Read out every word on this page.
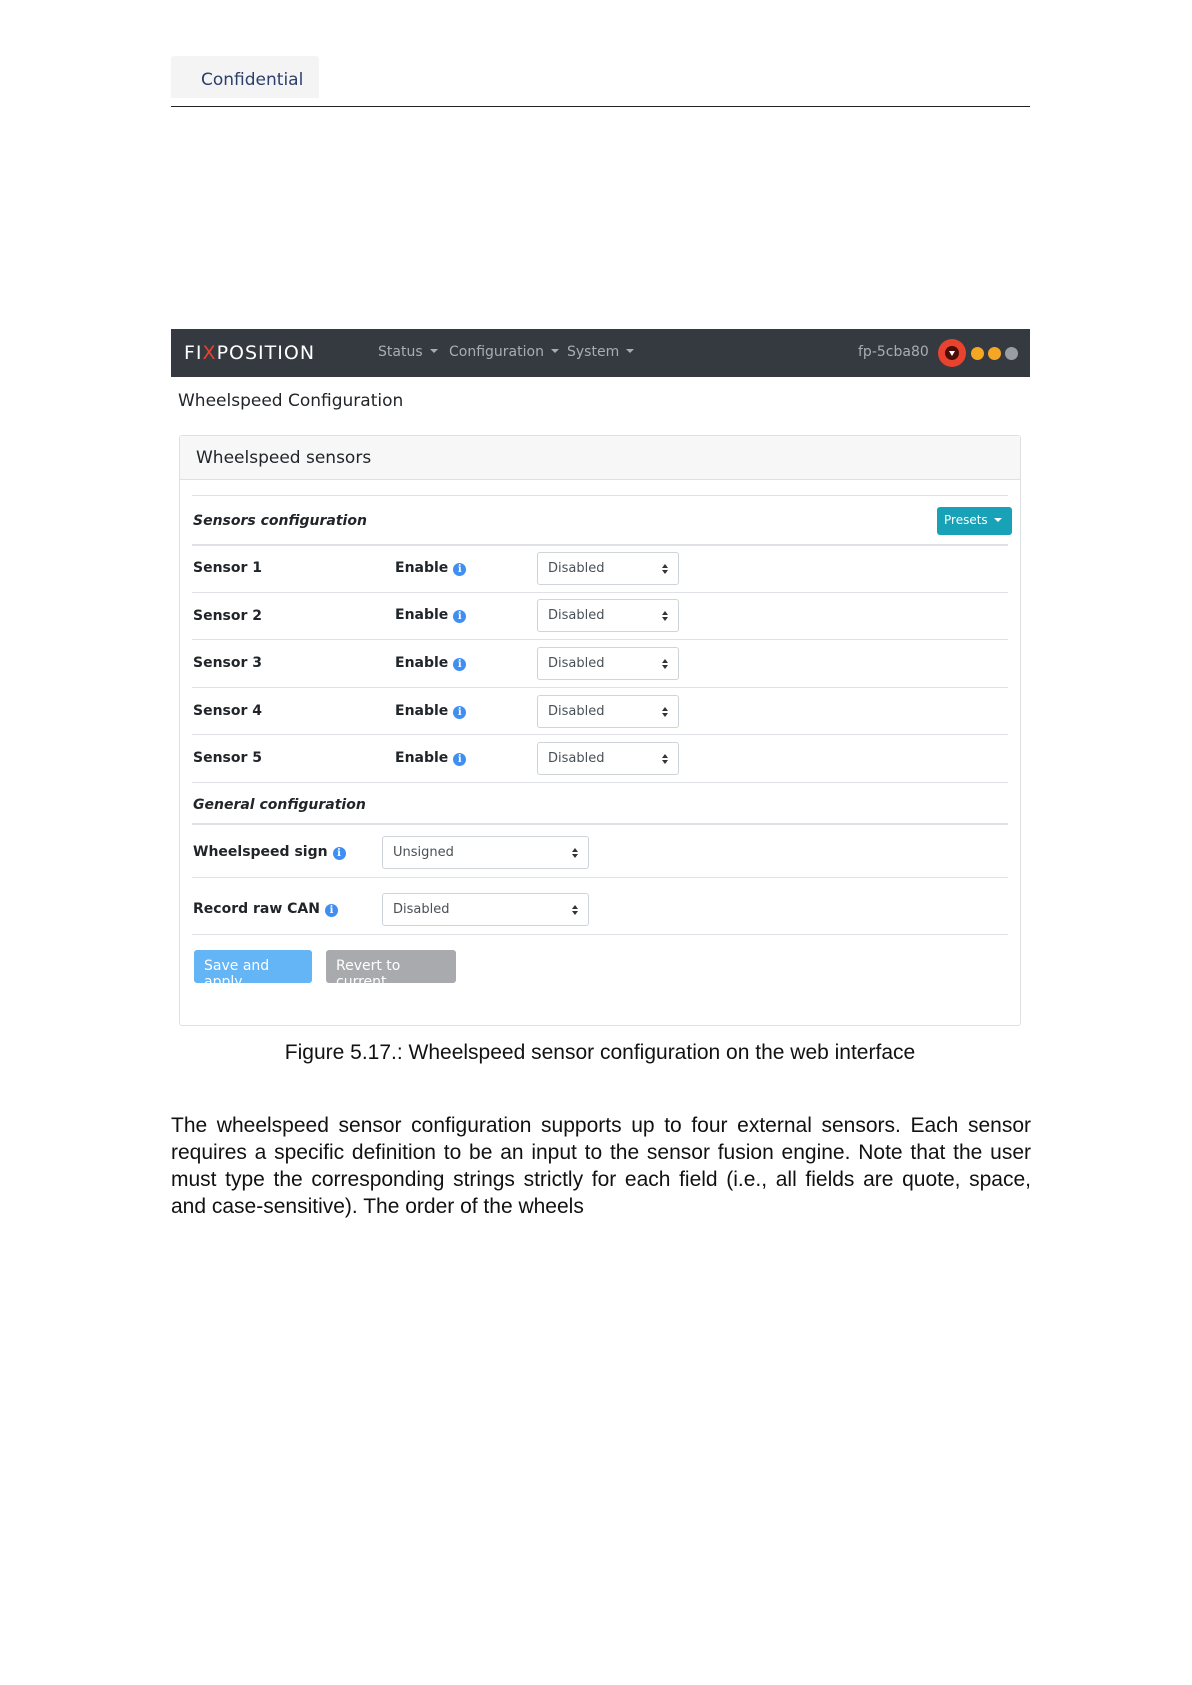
Confidential
FIXPOSITION	Status	Configuration	System	fp-5cba80
Wheelspeed Configuration
Wheelspeed sensors
Sensors configuration	Presets
Sensor 1	Enable i	Disabled
Sensor 2	Enable i	Disabled
Sensor 3	Enable i	Disabled
Sensor 4	Enable i	Disabled
Sensor 5	Enable i	Disabled
General configuration
Wheelspeed sign i	Unsigned
Record raw CAN i	Disabled
Save and apply
Revert to current
Figure 5.17.: Wheelspeed sensor configuration on the web interface
The wheelspeed sensor configuration supports up to four external sensors. Each sensor requires a specific definition to be an input to the sensor fusion engine. Note that the user must type the corresponding strings strictly for each field (i.e., all fields are quote, space, and case-sensitive). The order of the wheels
